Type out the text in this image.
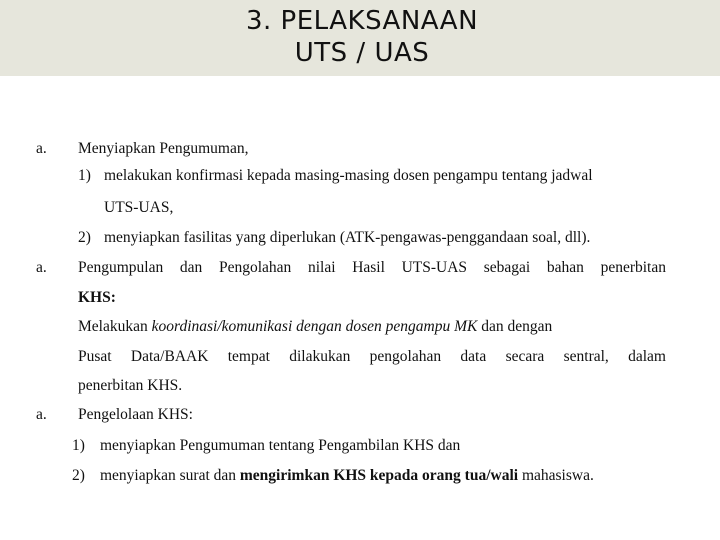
3. PELAKSANAAN
UTS / UAS
a. Menyiapkan Pengumuman,
1) melakukan konfirmasi kepada masing-masing dosen pengampu tentang jadwal
UTS-UAS,
2) menyiapkan fasilitas yang diperlukan (ATK-pengawas-penggandaan soal, dll).
a. Pengumpulan dan Pengolahan nilai Hasil UTS-UAS sebagai bahan penerbitan
KHS:
Melakukan koordinasi/komunikasi dengan dosen pengampu MK dan dengan
Pusat Data/BAAK tempat dilakukan pengolahan data secara sentral, dalam
penerbitan KHS.
a. Pengelolaan KHS:
1) menyiapkan Pengumuman tentang Pengambilan KHS dan
2) menyiapkan surat dan mengirimkan KHS kepada orang tua/wali mahasiswa.
